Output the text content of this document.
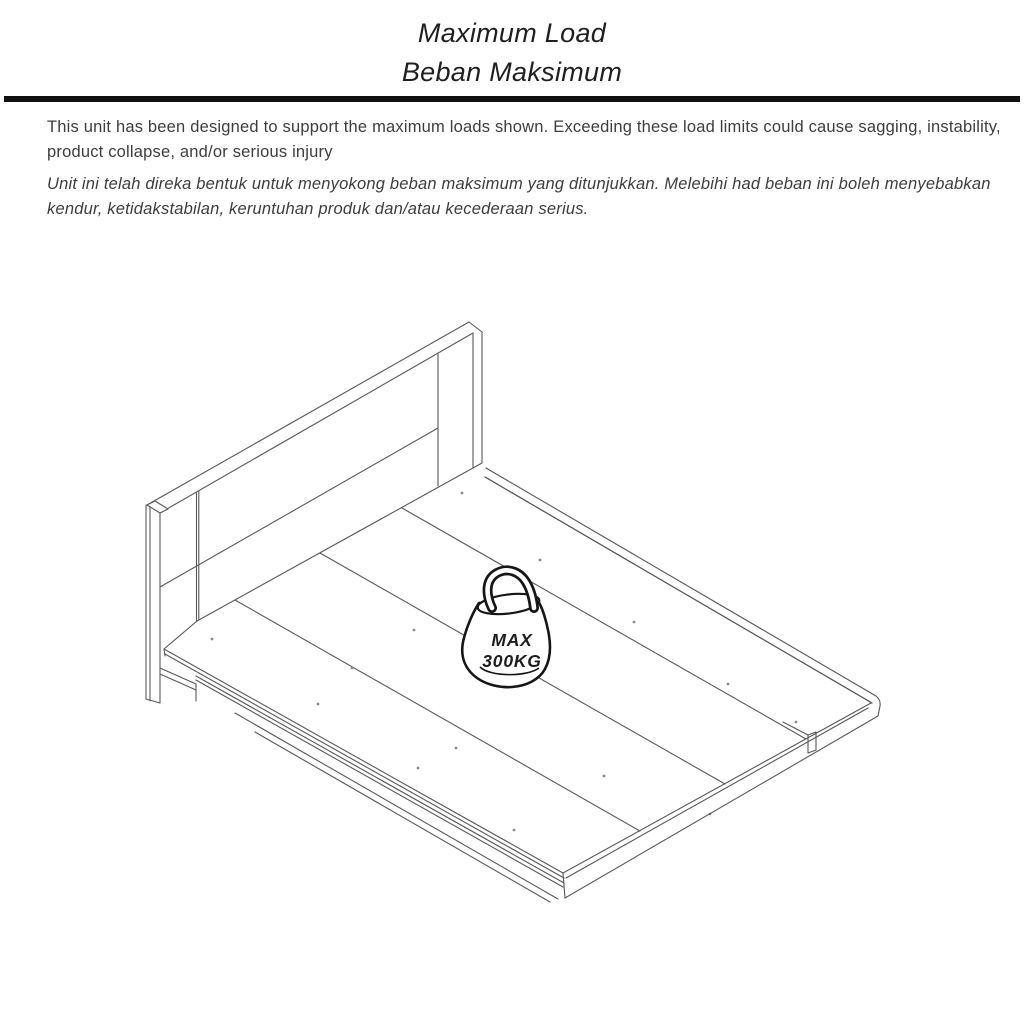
Maximum Load
Beban Maksimum
This unit has been designed to support the maximum loads shown. Exceeding these load limits could cause sagging, instability, product collapse, and/or serious injury
Unit ini telah direka bentuk untuk menyokong beban maksimum yang ditunjukkan. Melebihi had beban ini boleh menyebabkan kendur, ketidakstabilan, keruntuhan produk dan/atau kecederaan serius.
MAX
300KG
